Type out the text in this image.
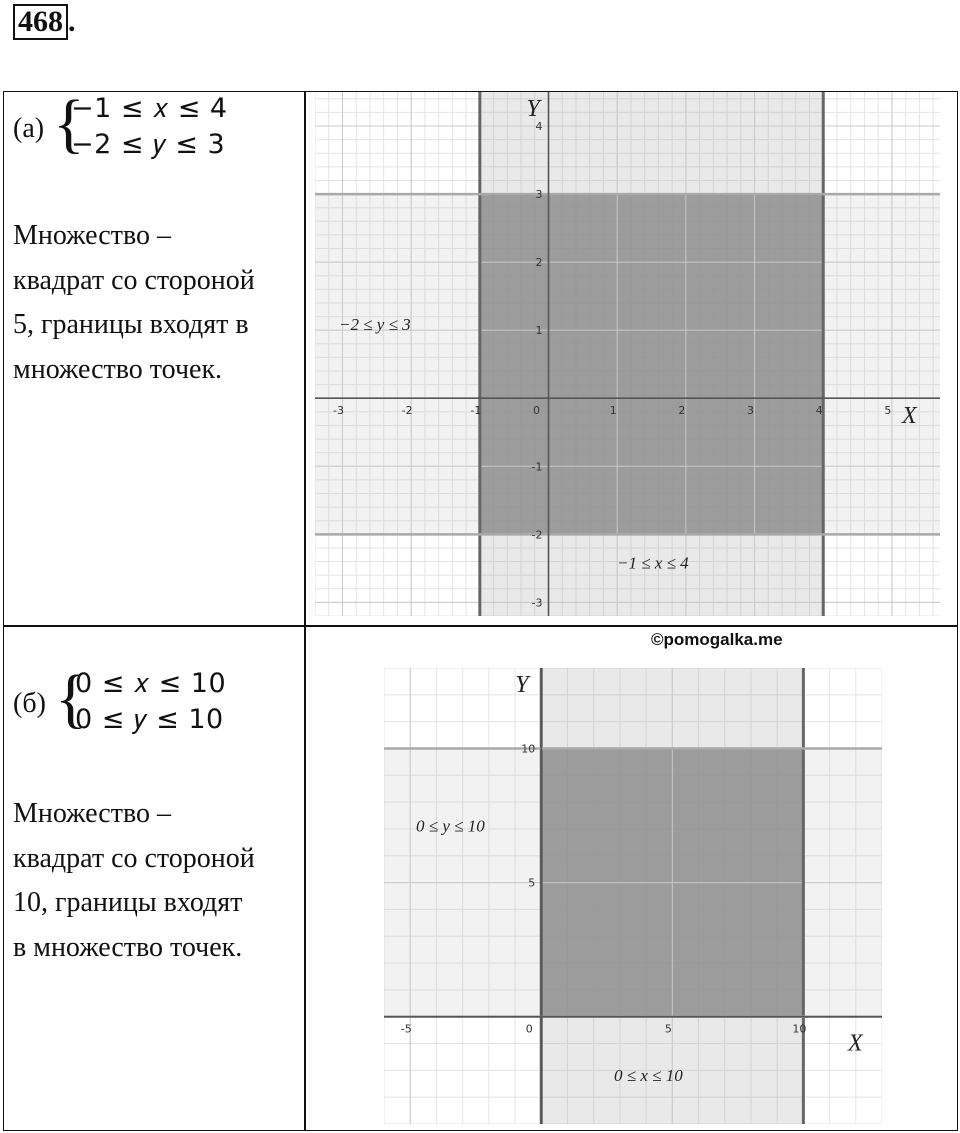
468 .
(а) {
−1 ≤ 𝑥 ≤ 4
−2 ≤ 𝑦 ≤ 3
Множество –
квадрат со стороной
5, границы входят в
множество точек.
(б) {
0 ≤ 𝑥 ≤ 10
0 ≤ 𝑦 ≤ 10
Множество –
квадрат со стороной
10, границы входят
в множество точек.
©pomogalka.me
-3	-2	-1	0	1	2	3	4	5
-3
-2
-1
1
2
3
4
X
Y
−2 ≤ y ≤ 3
−1 ≤ x ≤ 4
-5	0	5	10
5
10
X
Y
0 ≤ y ≤ 10
0 ≤ x ≤ 10
